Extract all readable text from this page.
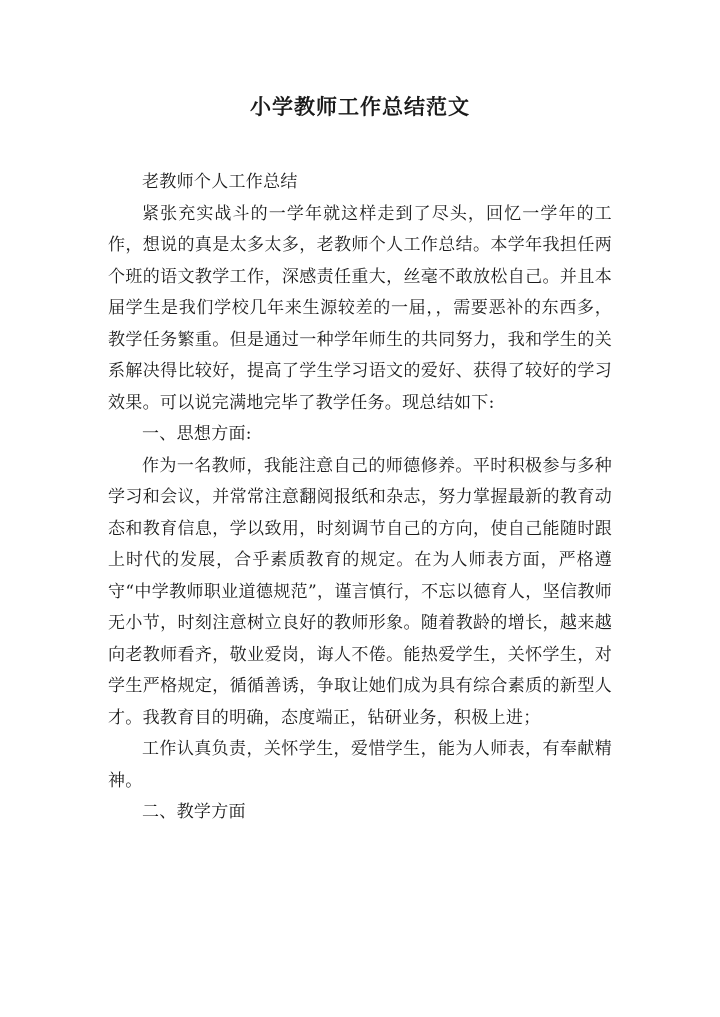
小学教师工作总结范文

老教师个人工作总结

紧张充实战斗的一学年就这样走到了尽头，回忆一学年的工作，想说的真是太多太多，老教师个人工作总结。本学年我担任两个班的语文教学工作，深感责任重大，丝毫不敢放松自己。并且本届学生是我们学校几年来生源较差的一届，，需要恶补的东西多，教学任务繁重。但是通过一种学年师生的共同努力，我和学生的关系解决得比较好，提高了学生学习语文的爱好、获得了较好的学习效果。可以说完满地完毕了教学任务。现总结如下:

一、思想方面:

作为一名教师，我能注意自己的师德修养。平时积极参与多种学习和会议，并常常注意翻阅报纸和杂志，努力掌握最新的教育动态和教育信息，学以致用，时刻调节自己的方向，使自己能随时跟上时代的发展，合乎素质教育的规定。在为人师表方面，严格遵守“中学教师职业道德规范”，谨言慎行，不忘以德育人，坚信教师无小节，时刻注意树立良好的教师形象。随着教龄的增长，越来越向老教师看齐，敬业爱岗，诲人不倦。能热爱学生，关怀学生，对学生严格规定，循循善诱，争取让她们成为具有综合素质的新型人才。我教育目的明确，态度端正，钻研业务，积极上进；

工作认真负责，关怀学生，爱惜学生，能为人师表，有奉献精神。

二、教学方面
